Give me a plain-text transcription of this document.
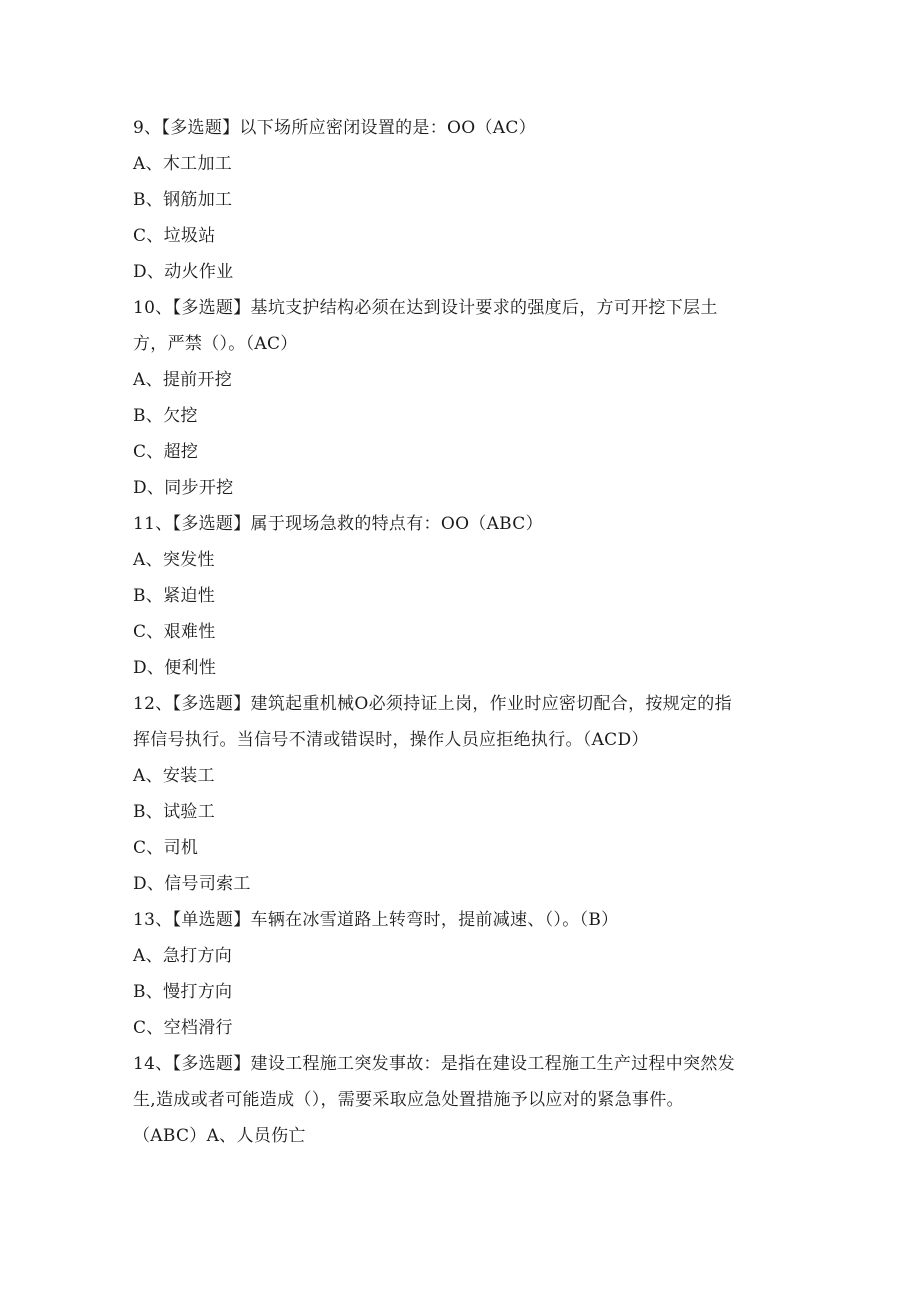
9、【多选题】以下场所应密闭设置的是：OO（AC）
A、木工加工
B、钢筋加工
C、垃圾站
D、动火作业
10、【多选题】基坑支护结构必须在达到设计要求的强度后，方可开挖下层土
方，严禁（）。（AC）
A、提前开挖
B、欠挖
C、超挖
D、同步开挖
11、【多选题】属于现场急救的特点有：OO（ABC）
A、突发性
B、紧迫性
C、艰难性
D、便利性
12、【多选题】建筑起重机械O必须持证上岗，作业时应密切配合，按规定的指
挥信号执行。当信号不清或错误时，操作人员应拒绝执行。（ACD）
A、安装工
B、试验工
C、司机
D、信号司索工
13、【单选题】车辆在冰雪道路上转弯时，提前减速、（）。（B）
A、急打方向
B、慢打方向
C、空档滑行
14、【多选题】建设工程施工突发事故：是指在建设工程施工生产过程中突然发
生,造成或者可能造成（），需要采取应急处置措施予以应对的紧急事件。
（ABC）A、人员伤亡
